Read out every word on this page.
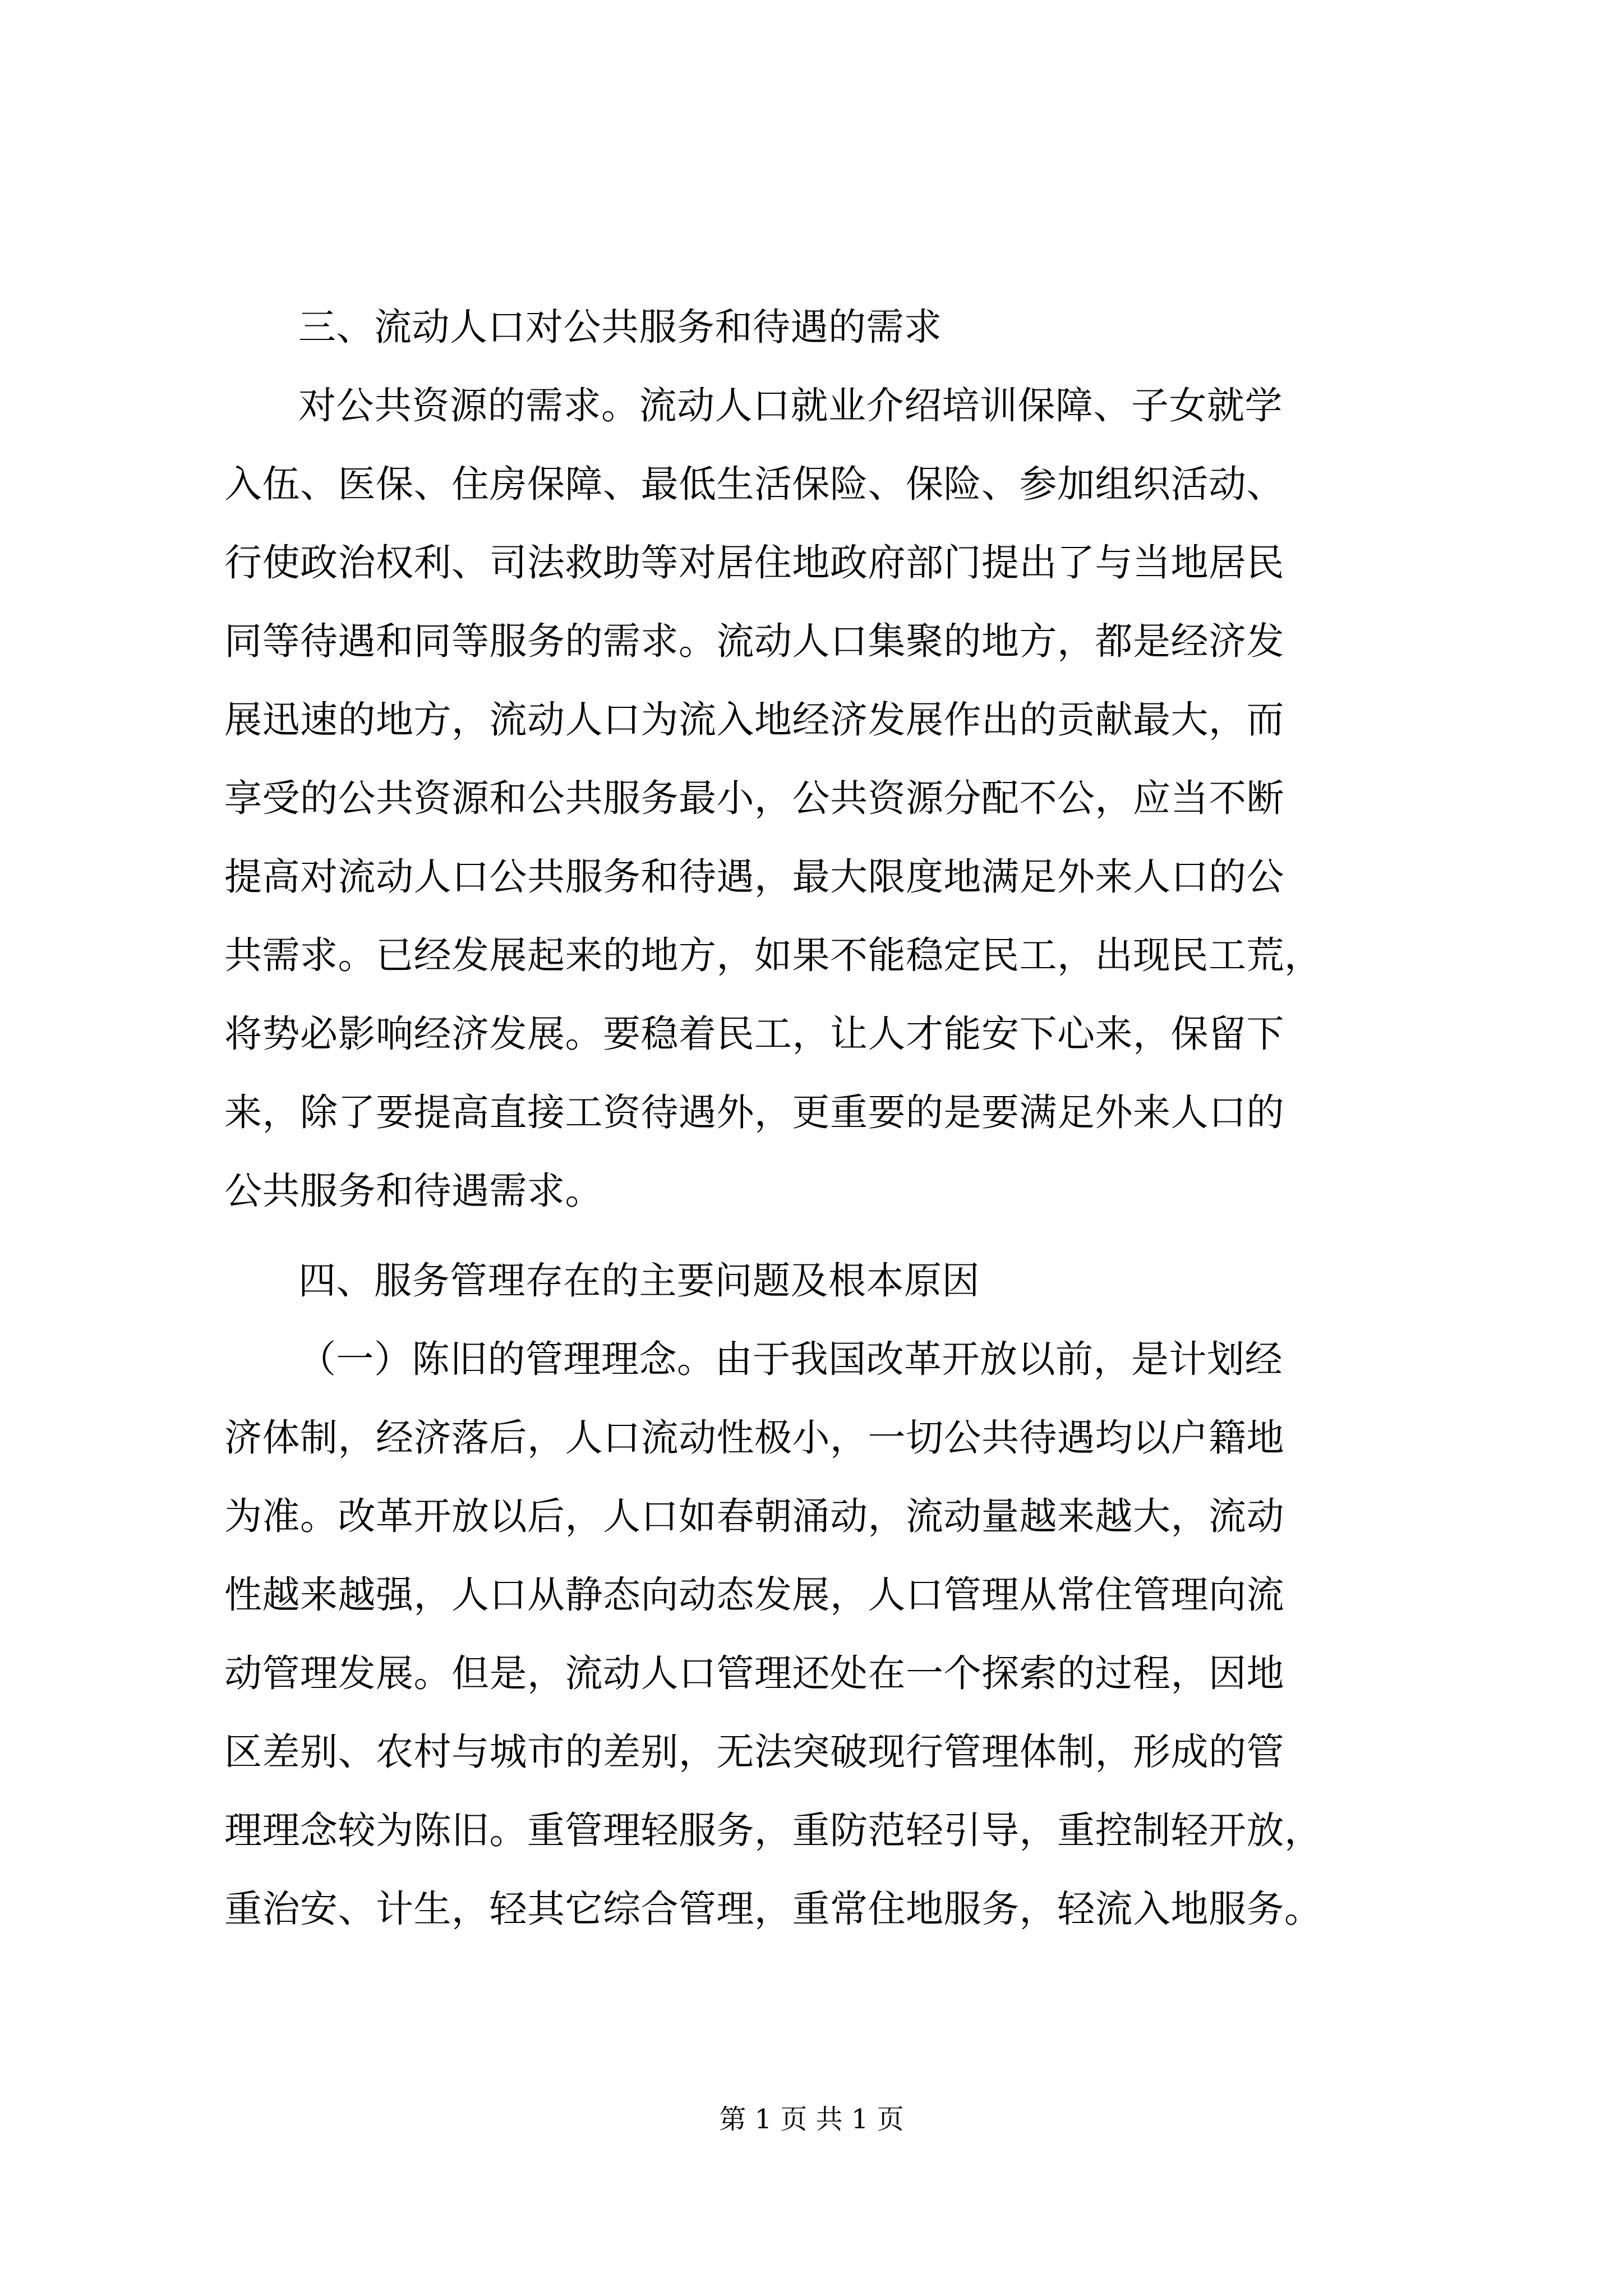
三、流动人口对公共服务和待遇的需求

对公共资源的需求。流动人口就业介绍培训保障、子女就学

入伍、医保、住房保障、最低生活保险、保险、参加组织活动、

行使政治权利、司法救助等对居住地政府部门提出了与当地居民

同等待遇和同等服务的需求。流动人口集聚的地方，都是经济发

展迅速的地方，流动人口为流入地经济发展作出的贡献最大，而

享受的公共资源和公共服务最小，公共资源分配不公，应当不断

提高对流动人口公共服务和待遇，最大限度地满足外来人口的公

共需求。已经发展起来的地方，如果不能稳定民工，出现民工荒，

将势必影响经济发展。要稳着民工，让人才能安下心来，保留下

来，除了要提高直接工资待遇外，更重要的是要满足外来人口的

公共服务和待遇需求。

四、服务管理存在的主要问题及根本原因

（一）陈旧的管理理念。由于我国改革开放以前，是计划经

济体制，经济落后，人口流动性极小，一切公共待遇均以户籍地

为准。改革开放以后，人口如春朝涌动，流动量越来越大，流动

性越来越强，人口从静态向动态发展，人口管理从常住管理向流

动管理发展。但是，流动人口管理还处在一个探索的过程，因地

区差别、农村与城市的差别，无法突破现行管理体制，形成的管

理理念较为陈旧。重管理轻服务，重防范轻引导，重控制轻开放，

重治安、计生，轻其它综合管理，重常住地服务，轻流入地服务。

第 1 页 共 1 页
